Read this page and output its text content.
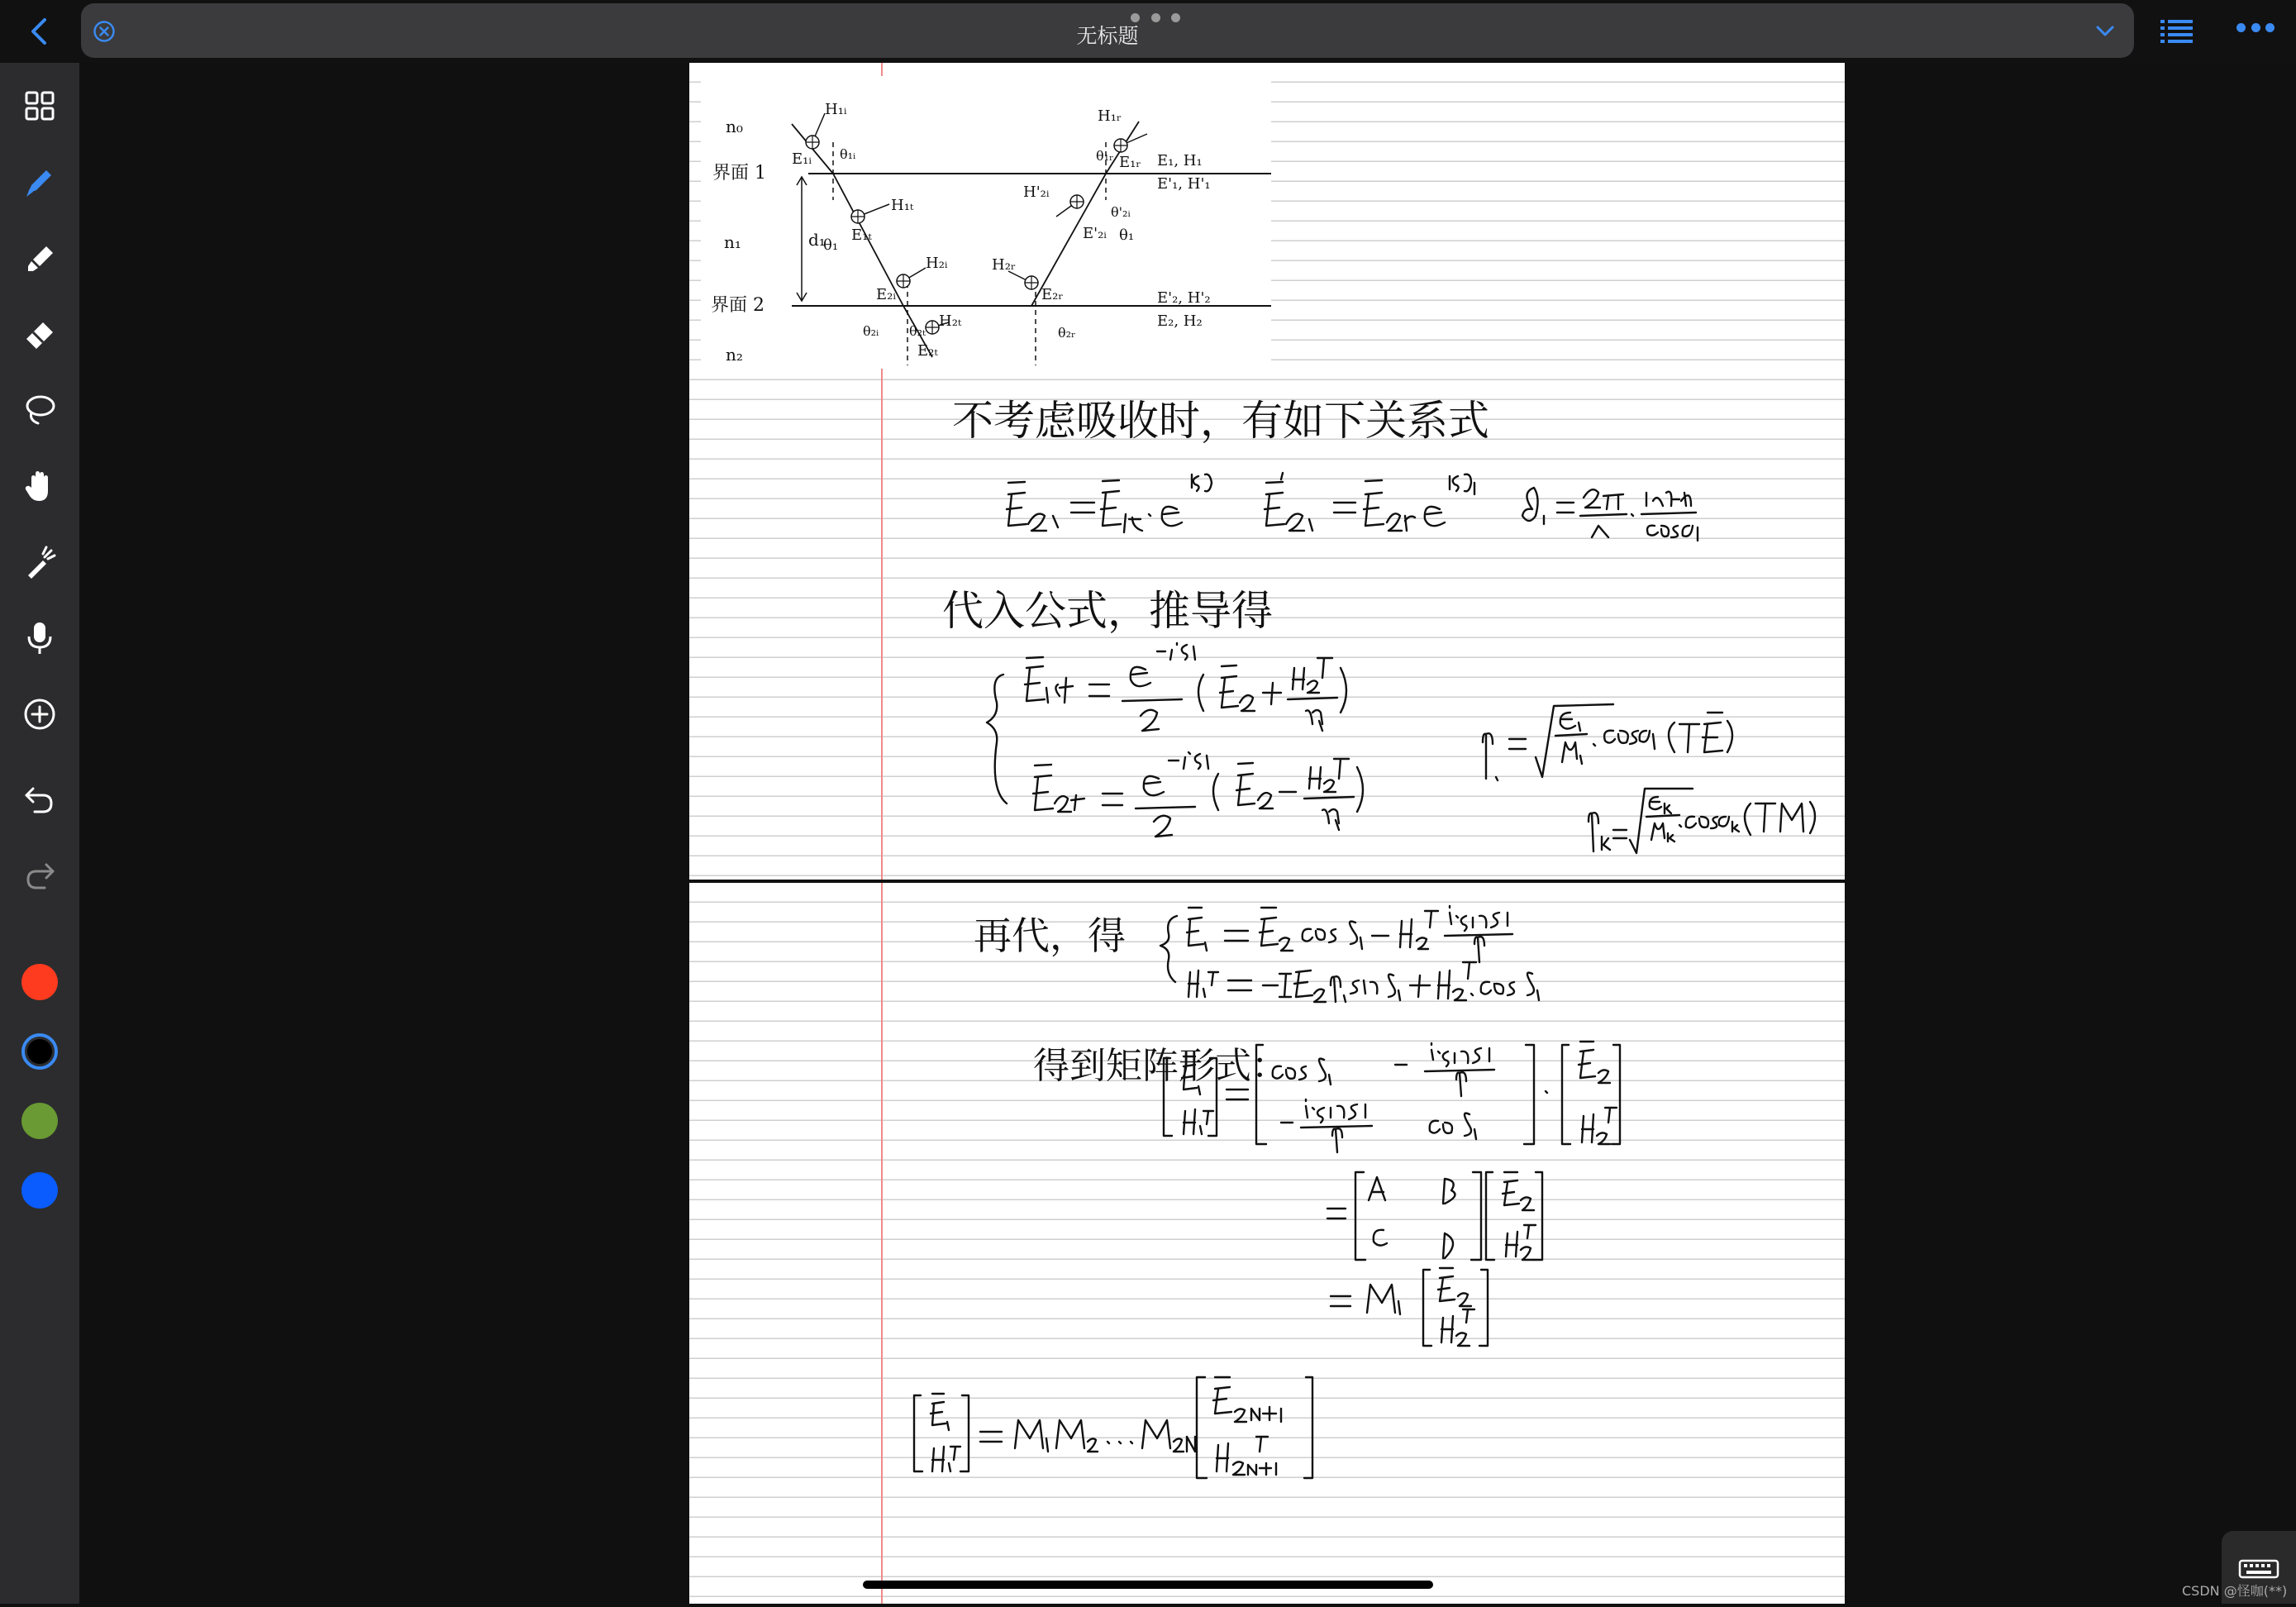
无标题
n₀
界面 1
n₁
界面 2
n₂
d₁
H₁ᵢ
E₁ᵢ θ₁ᵢ
H₁ᵣ
θ₁ᵣ E₁ᵣ E₁, H₁
E'₁, H'₁
H₁ₜ
E₁ₜ
θ₁
H'₂ᵢ
θ'₂ᵢ
E'₂ᵢ θ₁
H₂ᵢ
E₂ᵢ
H₂ᵣ
E₂ᵣ	E'₂, H'₂
E₂, H₂
θ₂ᵢ θ₂ₜ
H₂ₜ
E₂ₜ
θ₂ᵣ
不考虑吸收时，有如下关系式
代入公式，推导得
再代，得
得到矩阵形式：
CSDN @怪咖(**)
